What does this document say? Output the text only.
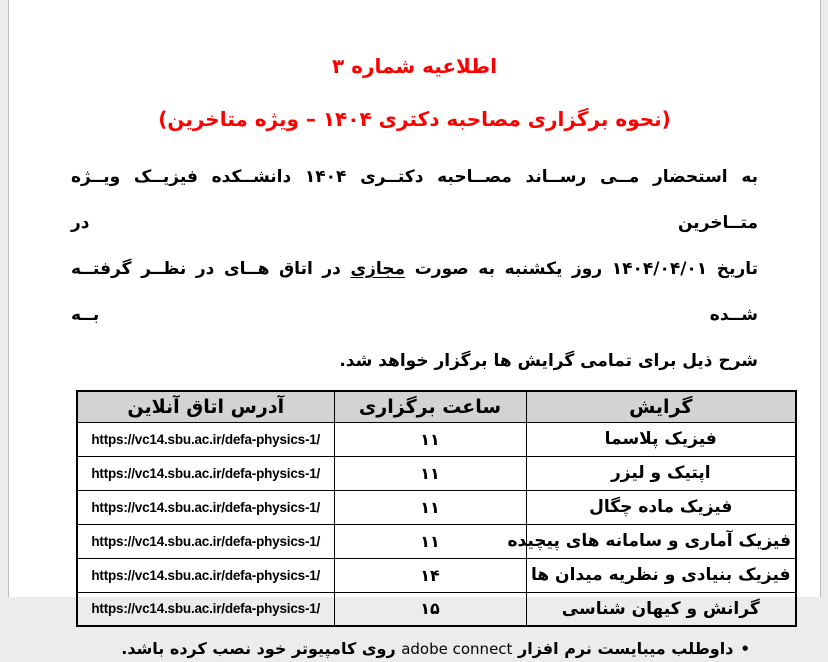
اطلاعیه شماره ۳
(نحوه برگزاری مصاحبه دکتری ۱۴۰۴ – ویژه متاخرین)
به استحضار مــی رســاند مصــاحبه دکتــری ۱۴۰۴ دانشــکده فیزیــک ویــژه متــاخرین در
تاریخ ۱۴۰۴/۰۴/۰۱ روز یکشنبه به صورت مجازی در اتاق هــای در نظــر گرفتــه شــده بــه
شرح ذیل برای تمامی گرایش ها برگزار خواهد شد.
گرایش	ساعت برگزاری	آدرس اتاق آنلاین
فیزیک پلاسما	۱۱	https://vc14.sbu.ac.ir/defa-physics-1/
اپتیک و لیزر	۱۱	https://vc14.sbu.ac.ir/defa-physics-1/
فیزیک ماده چگال	۱۱	https://vc14.sbu.ac.ir/defa-physics-1/
فیزیک آماری و سامانه های پیچیده	۱۱	https://vc14.sbu.ac.ir/defa-physics-1/
فیزیک بنیادی و نظریه میدان ها	۱۴	https://vc14.sbu.ac.ir/defa-physics-1/
گرانش و کیهان شناسی	۱۵	https://vc14.sbu.ac.ir/defa-physics-1/
•داوطلب میبایست نرم افزار adobe connect روی کامپیوتر خود نصب کرده باشد.
